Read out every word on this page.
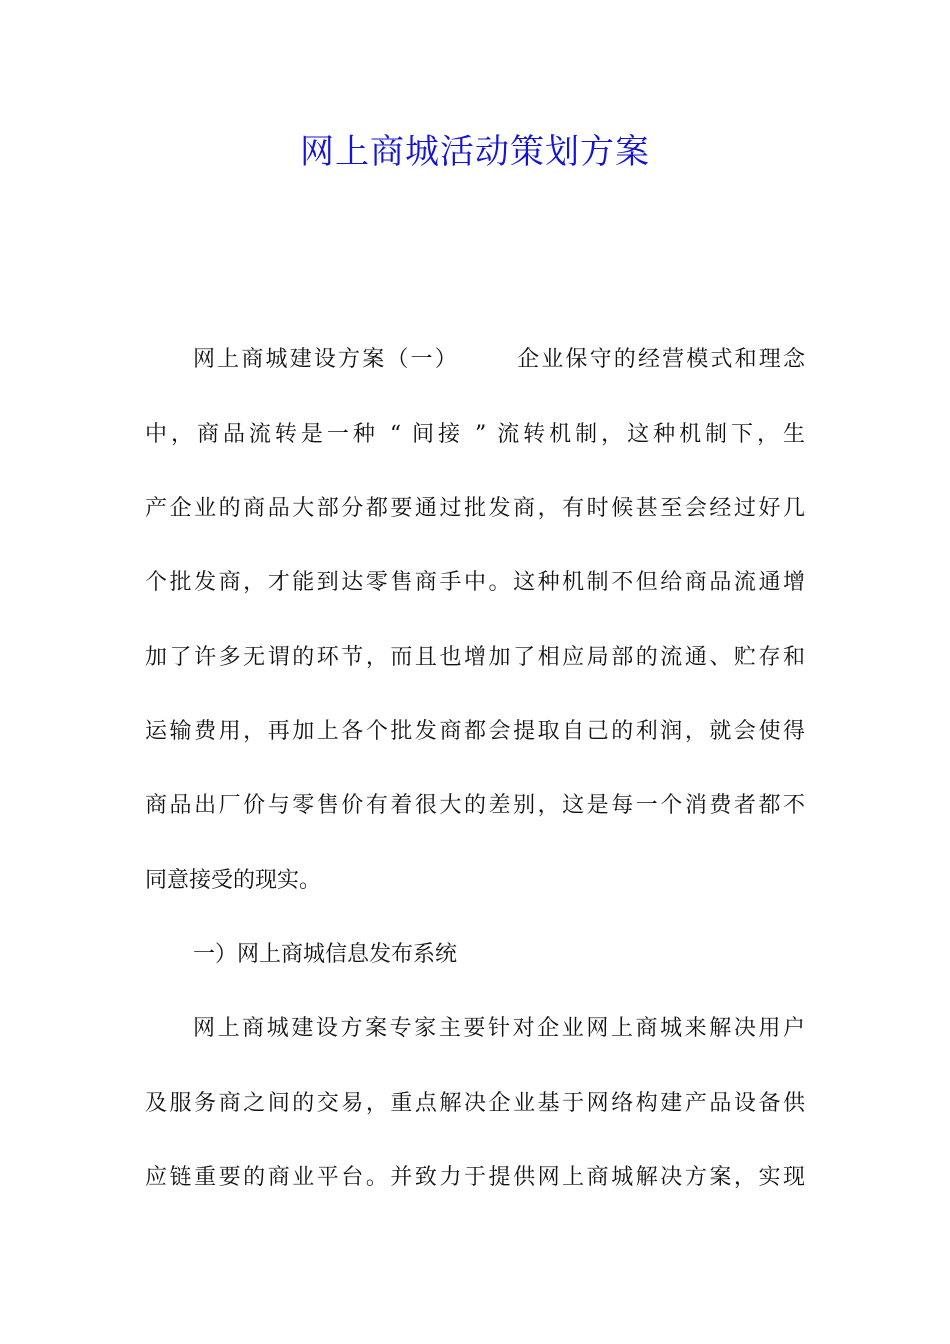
网上商城活动策划方案
网上商城建设方案（一）	企业保守的经营模式和理念
中，商品流转是一种 “ 间接 ” 流转机制，这种机制下，生
产企业的商品大部分都要通过批发商，有时候甚至会经过好几
个批发商，才能到达零售商手中。这种机制不但给商品流通增
加了许多无谓的环节，而且也增加了相应局部的流通、贮存和
运输费用，再加上各个批发商都会提取自己的利润，就会使得
商品出厂价与零售价有着很大的差别，这是每一个消费者都不
同意接受的现实。
一）网上商城信息发布系统
网上商城建设方案专家主要针对企业网上商城来解决用户
及服务商之间的交易，重点解决企业基于网络构建产品设备供
应链重要的商业平台。并致力于提供网上商城解决方案，实现
